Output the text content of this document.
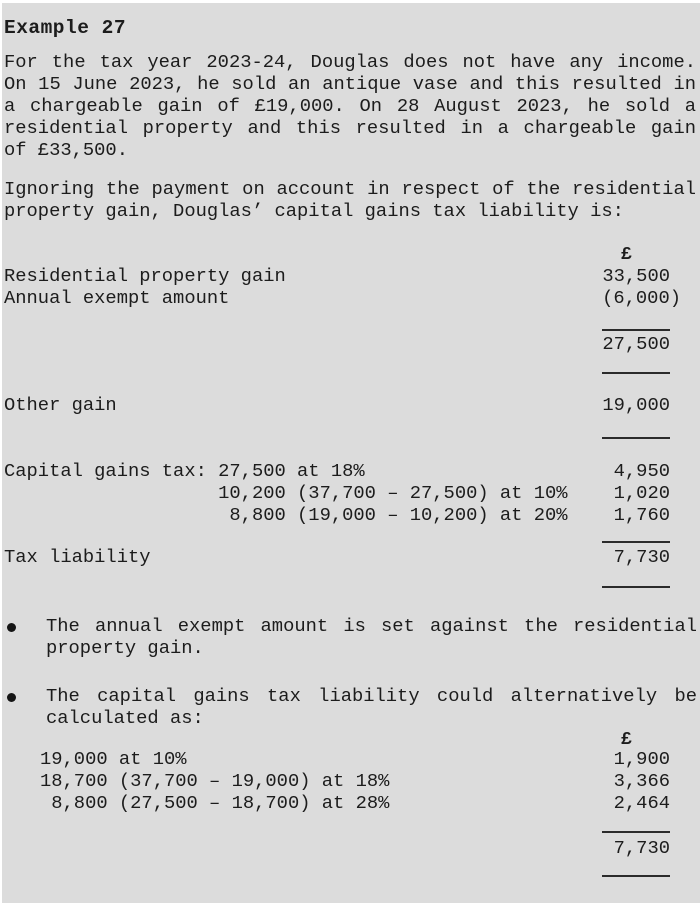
Example 27
For the tax year 2023-24, Douglas does not have any income.
On 15 June 2023, he sold an antique vase and this resulted in
a chargeable gain of £19,000. On 28 August 2023, he sold a
residential property and this resulted in a chargeable gain
of £33,500.
Ignoring the payment on account in respect of the residential
property gain, Douglas’ capital gains tax liability is:
£
Residential property gain	33,500
Annual exempt amount	(6,000)
27,500
Other gain	19,000
Capital gains tax: 27,500 at 18%	4,950
10,200 (37,700 – 27,500) at 10% 1,020
8,800 (19,000 – 10,200) at 20% 1,760
Tax liability	7,730
The annual exempt amount is set against the residential
property gain.
The capital gains tax liability could alternatively be
calculated as:
£
19,000 at 10%	1,900
18,700 (37,700 – 19,000) at 18%	3,366
8,800 (27,500 – 18,700) at 28%	2,464
7,730
